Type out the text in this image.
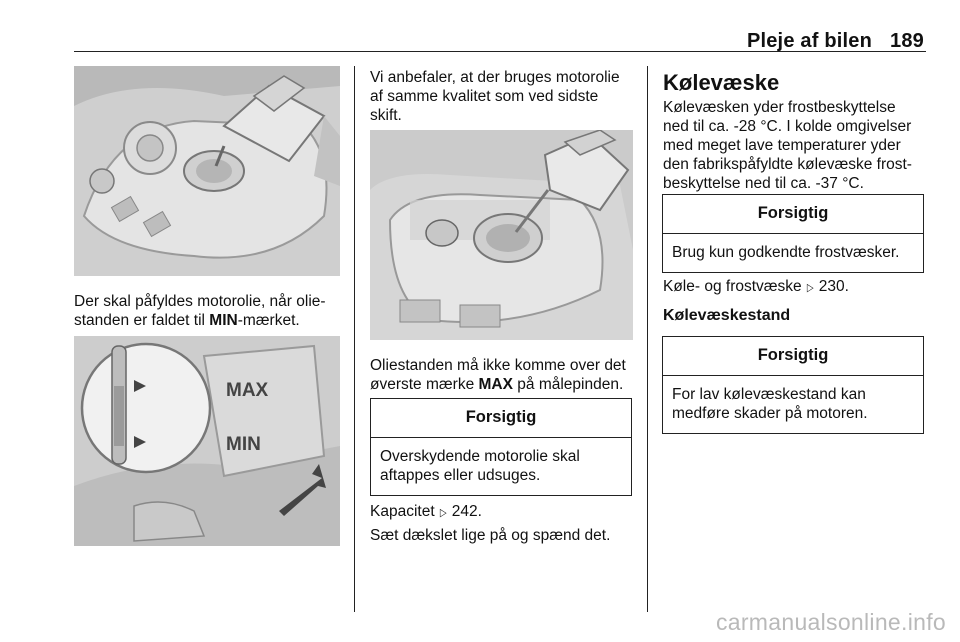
Pleje af bilen 189
Der skal påfyldes motorolie, når olie-
standen er faldet til MIN-mærket.
MAX
MIN
Vi anbefaler, at der bruges motorolie
af samme kvalitet som ved sidste
skift.
Oliestanden må ikke komme over det
øverste mærke MAX på målepinden.
Forsigtig
Overskydende motorolie skal
aftappes eller udsuges.
Kapacitet ▷ 242.
Sæt dækslet lige på og spænd det.
Kølevæske
Kølevæsken yder frostbeskyttelse
ned til ca. -28 °C. I kolde omgivelser
med meget lave temperaturer yder
den fabrikspåfyldte kølevæske frost-
beskyttelse ned til ca. -37 °C.
Forsigtig
Brug kun godkendte frostvæsker.
Køle- og frostvæske ▷ 230.
Kølevæskestand
Forsigtig
For lav kølevæskestand kan
medføre skader på motoren.
carmanualsonline.info
